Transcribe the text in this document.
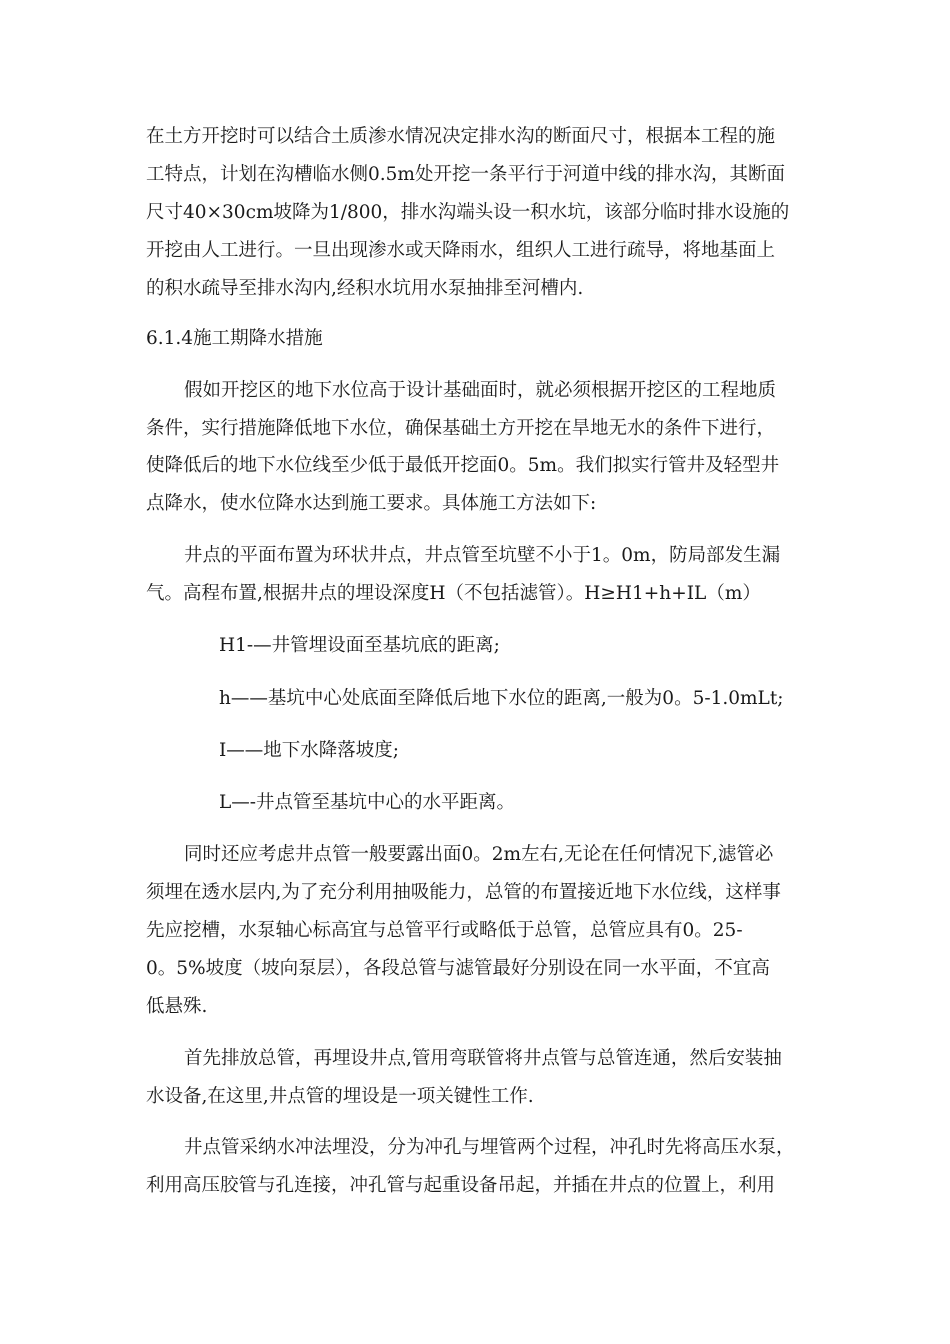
在土方开挖时可以结合土质渗水情况决定排水沟的断面尺寸，根据本工程的施
工特点，计划在沟槽临水侧0.5m处开挖一条平行于河道中线的排水沟，其断面
尺寸40×30cm坡降为1/800，排水沟端头设一积水坑，该部分临时排水设施的
开挖由人工进行。一旦出现渗水或天降雨水，组织人工进行疏导，将地基面上
的积水疏导至排水沟内,经积水坑用水泵抽排至河槽内.
6.1.4施工期降水措施
假如开挖区的地下水位高于设计基础面时，就必须根据开挖区的工程地质
条件，实行措施降低地下水位，确保基础土方开挖在旱地无水的条件下进行，
使降低后的地下水位线至少低于最低开挖面0。5m。我们拟实行管井及轻型井
点降水，使水位降水达到施工要求。具体施工方法如下:
井点的平面布置为环状井点，井点管至坑壁不小于1。0m，防局部发生漏
气。高程布置,根据井点的埋设深度H（不包括滤管）。H≥H1+h+IL（m）
H1-—井管埋设面至基坑底的距离;
h——基坑中心处底面至降低后地下水位的距离,一般为0。5-1.0mLt;
I——地下水降落坡度;
L—-井点管至基坑中心的水平距离。
同时还应考虑井点管一般要露出面0。2m左右,无论在任何情况下,滤管必
须埋在透水层内,为了充分利用抽吸能力，总管的布置接近地下水位线，这样事
先应挖槽，水泵轴心标高宜与总管平行或略低于总管，总管应具有0。25-
0。5%坡度（坡向泵层），各段总管与滤管最好分别设在同一水平面，不宜高
低悬殊.
首先排放总管，再埋设井点,管用弯联管将井点管与总管连通，然后安装抽
水设备,在这里,井点管的埋设是一项关键性工作.
井点管采纳水冲法埋没，分为冲孔与埋管两个过程，冲孔时先将高压水泵，
利用高压胶管与孔连接，冲孔管与起重设备吊起，并插在井点的位置上，利用
